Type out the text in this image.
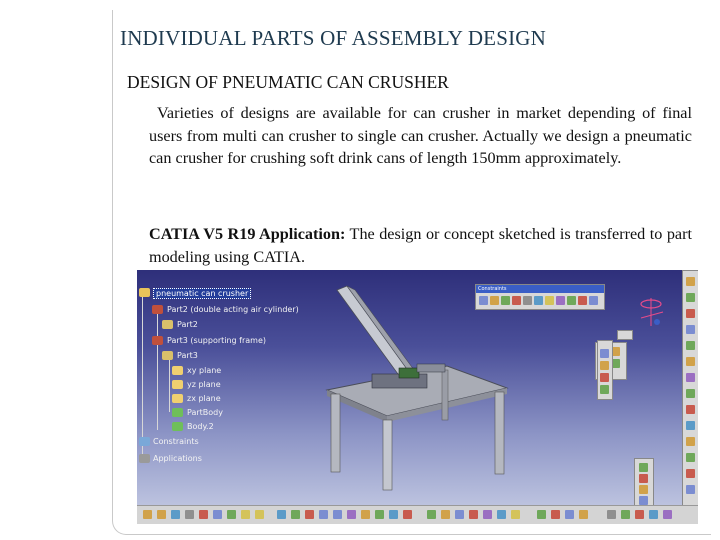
INDIVIDUAL PARTS OF ASSEMBLY DESIGN
DESIGN OF PNEUMATIC CAN CRUSHER
Varieties of designs are available for can crusher in market depending of final users from multi can crusher to single can crusher. Actually we design a pneumatic can crusher for crushing soft drink cans of length 150mm approximately.
CATIA V5 R19 Application: The design or concept sketched is transferred to part modeling using CATIA.
pneumatic can crusher
Part2 (double acting air cylinder)
Part2
Part3 (supporting frame)
Part3
xy plane
yz plane
zx plane
PartBody
Body.2
Constraints
Applications
Constraints
